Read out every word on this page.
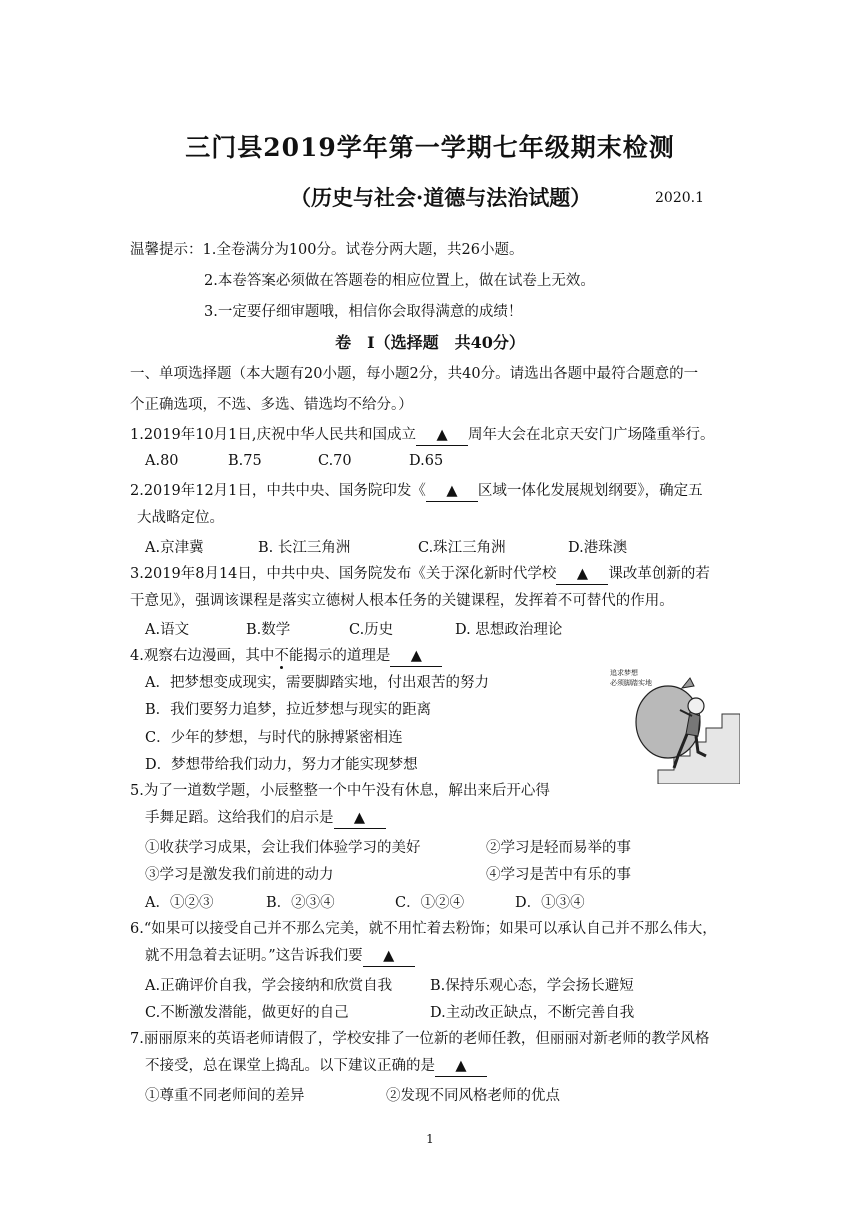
三门县2019学年第一学期七年级期末检测
（历史与社会·道德与法治试题）	2020.1
温馨提示：1.全卷满分为100分。试卷分两大题，共26小题。
2.本卷答案必须做在答题卷的相应位置上，做在试卷上无效。
3.一定要仔细审题哦，相信你会取得满意的成绩！
卷　Ⅰ（选择题　共40分）
一、单项选择题（本大题有20小题，每小题2分，共40分。请选出各题中最符合题意的一
个正确选项，不选、多选、错选均不给分。）
1.2019年10月1日,庆祝中华人民共和国成立 ▲ 周年大会在北京天安门广场隆重举行。
A.80	B.75	C.70	D.65
2.2019年12月1日，中共中央、国务院印发《 ▲ 区域一体化发展规划纲要》，确定五
大战略定位。
A.京津冀	B. 长江三角洲	C.珠江三角洲	D.港珠澳
3.2019年8月14日，中共中央、国务院发布《关于深化新时代学校 ▲ 课改革创新的若
干意见》，强调该课程是落实立德树人根本任务的关键课程，发挥着不可替代的作用。
A.语文	B.数学	C.历史	D. 思想政治理论
4.观察右边漫画，其中不能揭示的道理是 ▲
A．把梦想变成现实，需要脚踏实地，付出艰苦的努力
B．我们要努力追梦，拉近梦想与现实的距离
C．少年的梦想，与时代的脉搏紧密相连
D．梦想带给我们动力，努力才能实现梦想
追求梦想
必须脚踏实地
5.为了一道数学题，小辰整整一个中午没有休息，解出来后开心得
手舞足蹈。这给我们的启示是 ▲
①收获学习成果，会让我们体验学习的美好	②学习是轻而易举的事
③学习是激发我们前进的动力	④学习是苦中有乐的事
A．①②③	B．②③④	C．①②④	D．①③④
6.“如果可以接受自己并不那么完美，就不用忙着去粉饰；如果可以承认自己并不那么伟大，
就不用急着去证明。”这告诉我们要 ▲
A.正确评价自我，学会接纳和欣赏自我	B.保持乐观心态，学会扬长避短
C.不断激发潜能，做更好的自己	D.主动改正缺点，不断完善自我
7.丽丽原来的英语老师请假了，学校安排了一位新的老师任教，但丽丽对新老师的教学风格
不接受，总在课堂上捣乱。以下建议正确的是 ▲
①尊重不同老师间的差异	②发现不同风格老师的优点
1
